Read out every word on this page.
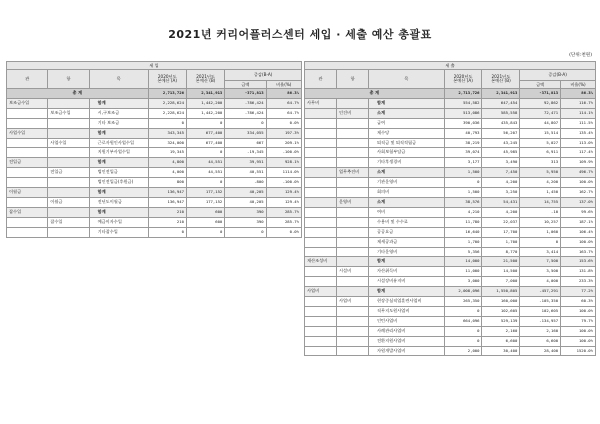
2021년 커리어플러스센터 세입 · 세출 예산 총괄표
(단위:천원)
세 입						
관	항	목	2020년도
본예산 (A)	2021년도
본예산 (B)	증감(B-A)	
					금액	비율(%)
총 계			2,713,726	2,341,913	-371,813	86.3%
보조금수입		합계	2,228,624	1,442,200	-786,424	64.7%
	보조금수입	시,구보조금	2,228,624	1,442,200	-786,424	64.7%
		기타 보조금	0	0	0	0.0%
사업수입		합계	343,345	677,400	334,055	197.3%
	사업수입	근로자원인사업수입	324,000	677,400	667	209.1%
		지원기부사업수입	19,345	0	-19,345	-100.0%
전입금		합계	4,800	44,551	39,951	928.1%
	전입금	법인전입금	4,000	44,551	40,551	1114.0%
		법인전입금(후원금)	800	0	-800	-100.0%
이월금		합계	136,947	177,152	40,205	129.4%
	이월금	전년도이월금	136,947	177,152	40,205	129.4%
잡수입		합계	210	600	390	285.7%
	잡수입	예금이자수입	210	600	390	285.7%
		기타잡수입	0	0	0	0.0%
세 출						
관	항	목	2020년도
본예산 (A)	2021년도
본예산 (B)	증감(B-A)	
					금액	비율(%)
총 계			2,713,726	2,341,913	-371,813	86.3%
사무비		합계	554,582	647,454	92,862	116.7%
	인건비	소계	513,086	585,558	72,471	114.1%
		급여	390,036	435,843	44,807	111.5%
		제수당	40,793	56,207	15,514	135.4%
		퇴직금 및 퇴직적립금	38,219	43,245	5,027	113.0%
		사회보험부담금	39,074	45,985	6,911	117.4%
		기타후생경비	3,177	3,490	313	109.9%
	업무추진비	소계	1,500	7,450	5,950	496.7%
		기관운영비	0	4,200	4,200	100.0%
		회의비	1,500	3,250	1,450	162.7%
	운영비	소계	38,576	54,431	14,755	137.0%
		여비	4,210	4,200	-10	99.6%
		수용비 및 수수료	11,780	22,037	10,257	187.1%
		공공요금	16,640	17,700	1,060	106.4%
		제세공과금	1,700	1,700	0	100.0%
		기타운영비	5,356	8,770	3,414	163.7%
재산조성비		합계	14,000	21,500	7,500	153.6%
	시설비	자산취득비	11,000	14,500	3,500	131.8%
		시설장비유지비	3,000	7,000	4,000	233.3%
사업비		합계	2,008,096	1,550,805	-457,291	77.2%
	사업비	현장중심직업훈련사업비	265,350	160,000	-105,350	60.3%
		직무지도원사업비	0	102,605	102,605	100.0%
		인턴사업비	664,096	529,139	-134,957	79.7%
		사례관리사업비	0	2,160	2,160	100.0%
		전환지원사업비	0	6,600	6,600	100.0%
		자원개발사업비	2,000	30,400	28,400	1520.0%
